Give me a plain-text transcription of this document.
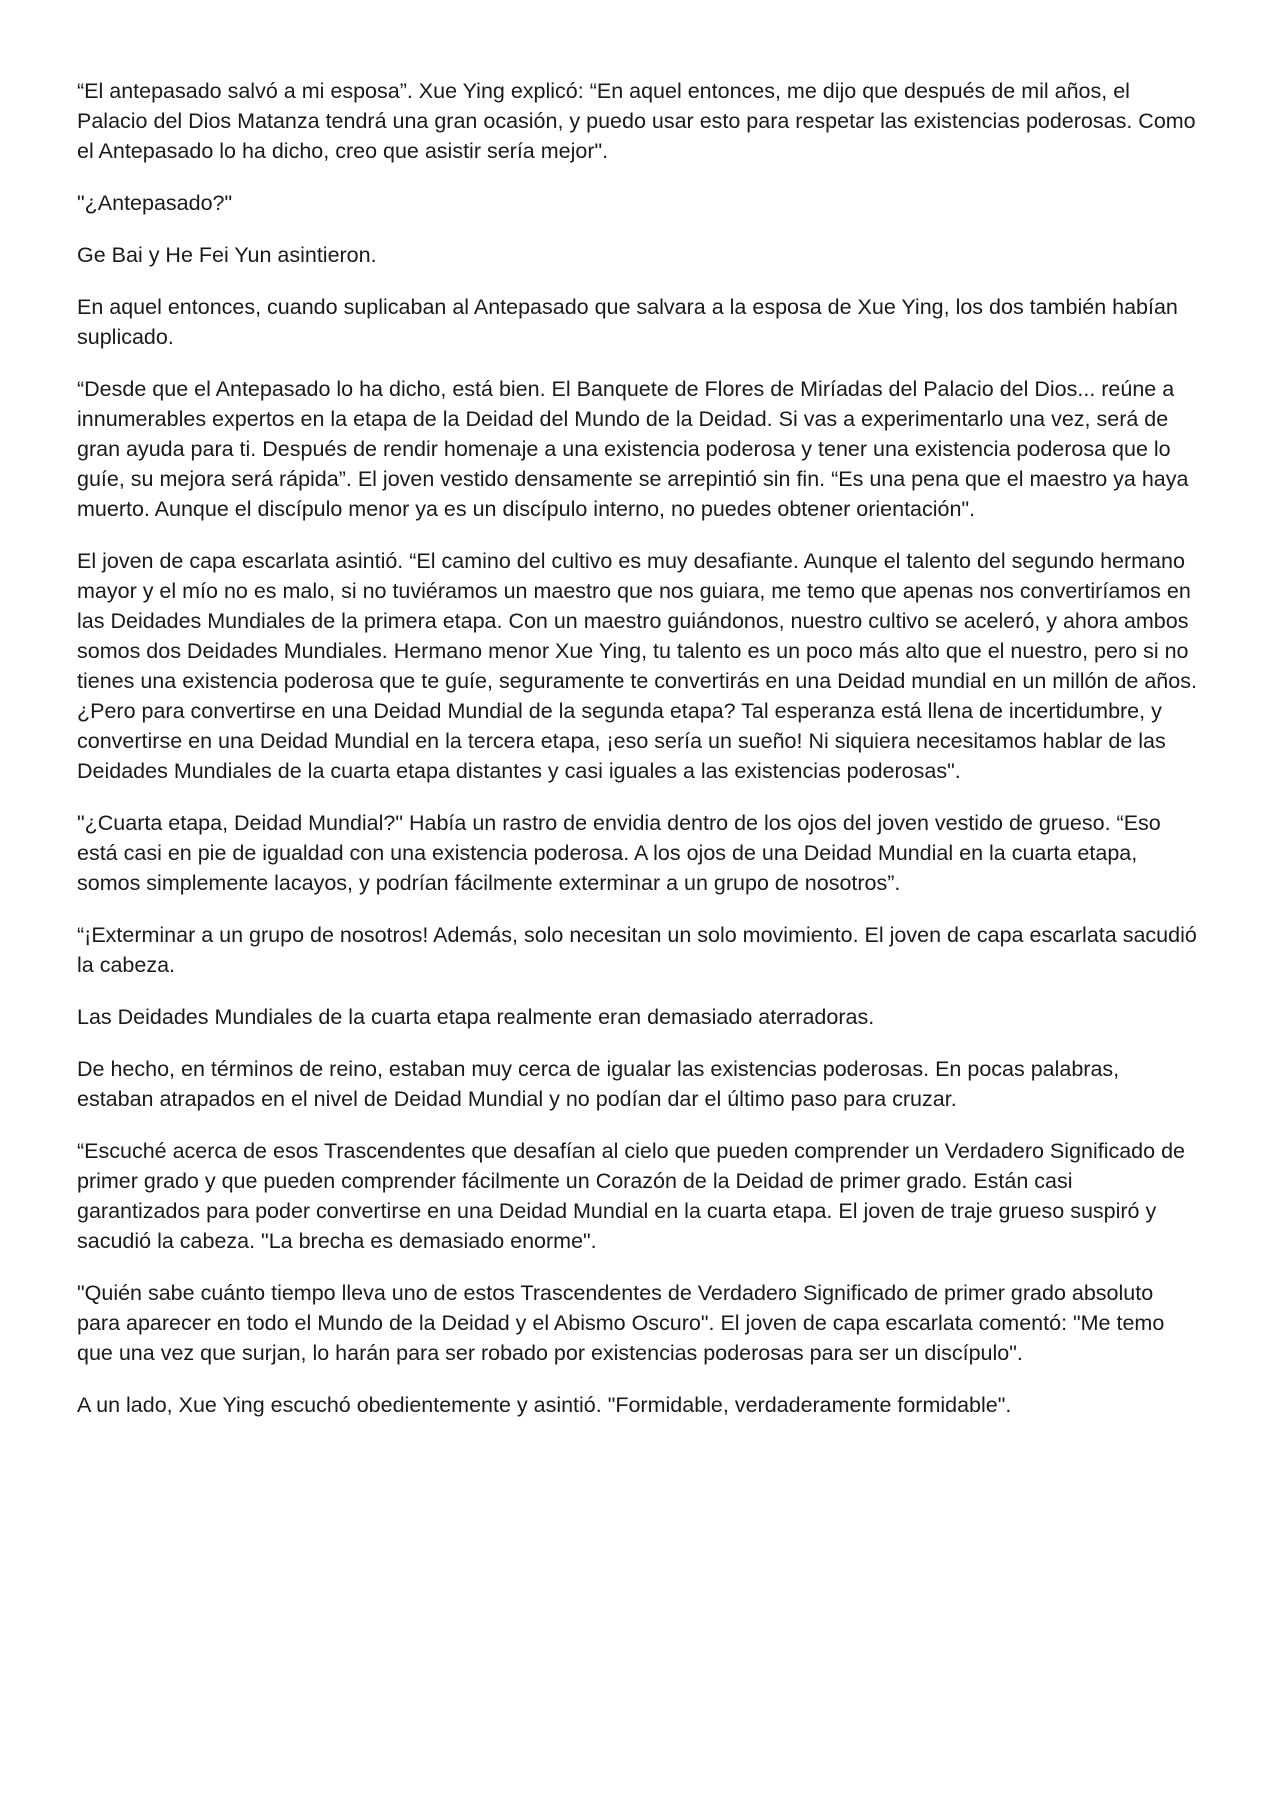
“El antepasado salvó a mi esposa”. Xue Ying explicó: “En aquel entonces, me dijo que después de mil años, el Palacio del Dios Matanza tendrá una gran ocasión, y puedo usar esto para respetar las existencias poderosas. Como el Antepasado lo ha dicho, creo que asistir sería mejor".

"¿Antepasado?"

Ge Bai y He Fei Yun asintieron.

En aquel entonces, cuando suplicaban al Antepasado que salvara a la esposa de Xue Ying, los dos también habían suplicado.

“Desde que el Antepasado lo ha dicho, está bien. El Banquete de Flores de Miríadas del Palacio del Dios... reúne a innumerables expertos en la etapa de la Deidad del Mundo de la Deidad. Si vas a experimentarlo una vez, será de gran ayuda para ti. Después de rendir homenaje a una existencia poderosa y tener una existencia poderosa que lo guíe, su mejora será rápida”. El joven vestido densamente se arrepintió sin fin. “Es una pena que el maestro ya haya muerto. Aunque el discípulo menor ya es un discípulo interno, no puedes obtener orientación".

El joven de capa escarlata asintió. “El camino del cultivo es muy desafiante. Aunque el talento del segundo hermano mayor y el mío no es malo, si no tuviéramos un maestro que nos guiara, me temo que apenas nos convertiríamos en las Deidades Mundiales de la primera etapa. Con un maestro guiándonos, nuestro cultivo se aceleró, y ahora ambos somos dos Deidades Mundiales. Hermano menor Xue Ying, tu talento es un poco más alto que el nuestro, pero si no tienes una existencia poderosa que te guíe, seguramente te convertirás en una Deidad mundial en un millón de años. ¿Pero para convertirse en una Deidad Mundial de la segunda etapa? Tal esperanza está llena de incertidumbre, y convertirse en una Deidad Mundial en la tercera etapa, ¡eso sería un sueño! Ni siquiera necesitamos hablar de las Deidades Mundiales de la cuarta etapa distantes y casi iguales a las existencias poderosas".

"¿Cuarta etapa, Deidad Mundial?" Había un rastro de envidia dentro de los ojos del joven vestido de grueso. “Eso está casi en pie de igualdad con una existencia poderosa. A los ojos de una Deidad Mundial en la cuarta etapa, somos simplemente lacayos, y podrían fácilmente exterminar a un grupo de nosotros”.

“¡Exterminar a un grupo de nosotros! Además, solo necesitan un solo movimiento. El joven de capa escarlata sacudió la cabeza.

Las Deidades Mundiales de la cuarta etapa realmente eran demasiado aterradoras.

De hecho, en términos de reino, estaban muy cerca de igualar las existencias poderosas. En pocas palabras, estaban atrapados en el nivel de Deidad Mundial y no podían dar el último paso para cruzar.

“Escuché acerca de esos Trascendentes que desafían al cielo que pueden comprender un Verdadero Significado de primer grado y que pueden comprender fácilmente un Corazón de la Deidad de primer grado. Están casi garantizados para poder convertirse en una Deidad Mundial en la cuarta etapa. El joven de traje grueso suspiró y sacudió la cabeza. "La brecha es demasiado enorme".

"Quién sabe cuánto tiempo lleva uno de estos Trascendentes de Verdadero Significado de primer grado absoluto para aparecer en todo el Mundo de la Deidad y el Abismo Oscuro". El joven de capa escarlata comentó: "Me temo que una vez que surjan, lo harán para ser robado por existencias poderosas para ser un discípulo".

A un lado, Xue Ying escuchó obedientemente y asintió. "Formidable, verdaderamente formidable".
